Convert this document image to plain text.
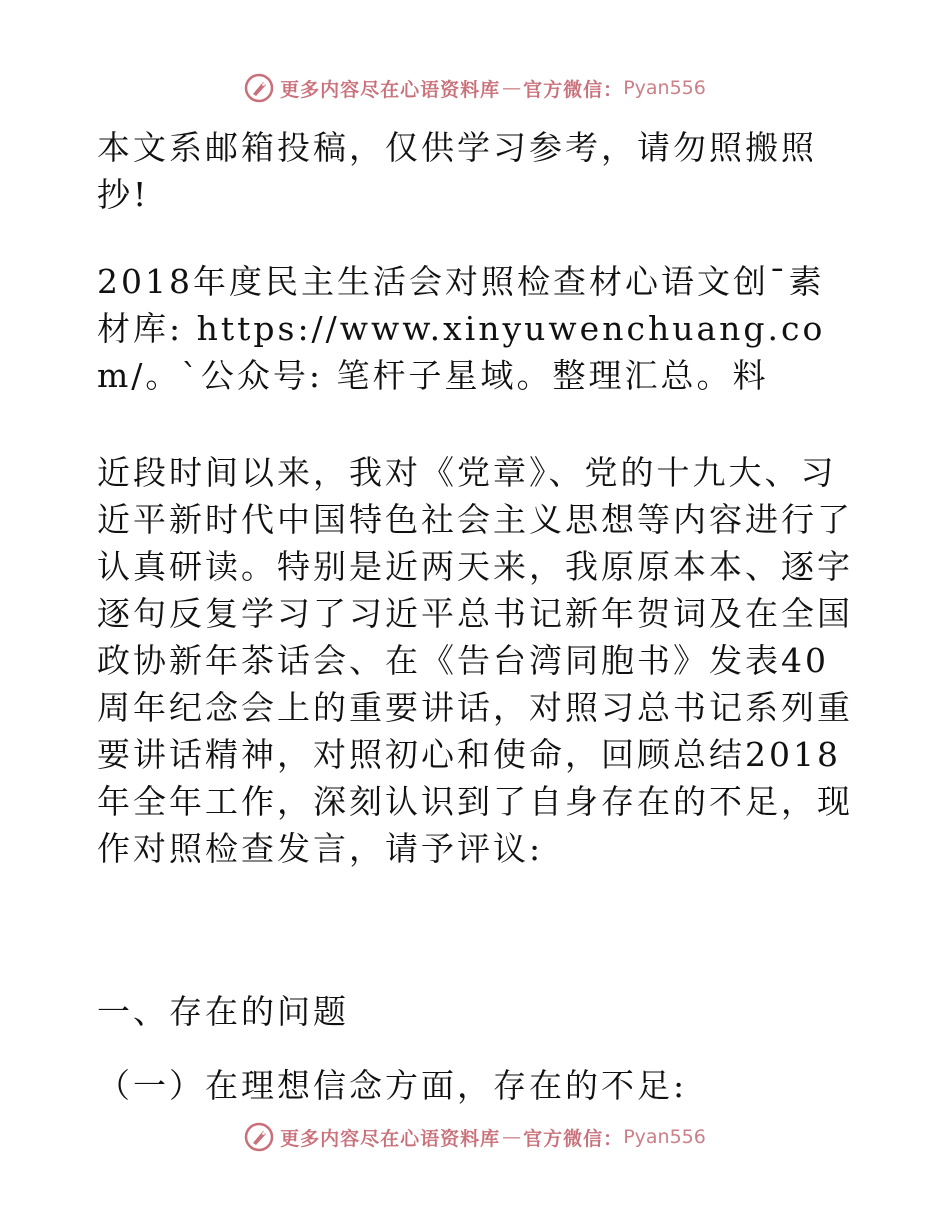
更多内容尽在心语资料库 — 官方微信： Pyan556

本文系邮箱投稿，仅供学习参考，请勿照搬照抄!

2018年度民主生活会对照检查材心语文创¯素材库: https://www.xinyuwenchuang.com/。`公众号: 笔杆子星域。整理汇总。料

近段时间以来，我对《党章》、党的十九大、习近平新时代中国特色社会主义思想等内容进行了认真研读。特别是近两天来，我原原本本、逐字逐句反复学习了习近平总书记新年贺词及在全国政协新年茶话会、在《告台湾同胞书》发表40周年纪念会上的重要讲话，对照习总书记系列重要讲话精神，对照初心和使命，回顾总结2018年全年工作，深刻认识到了自身存在的不足，现作对照检查发言，请予评议:

一、存在的问题

（一）在理想信念方面，存在的不足:

更多内容尽在心语资料库 — 官方微信： Pyan556
